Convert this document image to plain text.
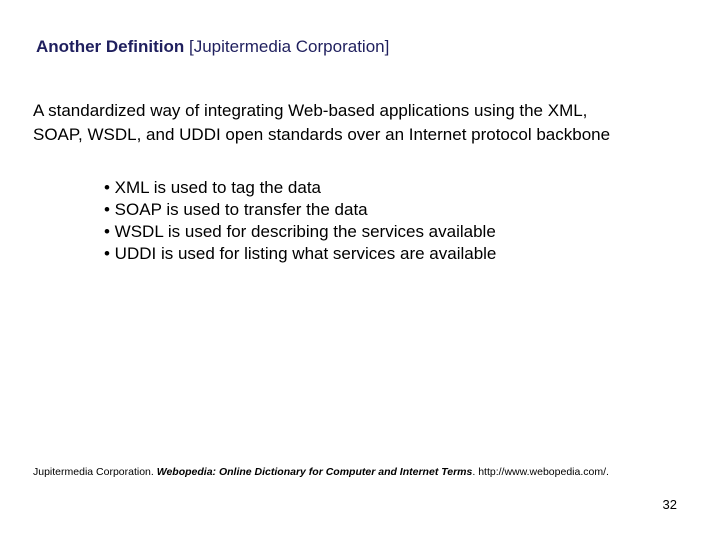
Another Definition [Jupitermedia Corporation]
A standardized way of integrating Web-based applications using the XML,
SOAP, WSDL, and UDDI open standards over an Internet protocol backbone
• XML is used to tag the data
• SOAP is used to transfer the data
• WSDL is used for describing the services available
• UDDI is used for listing what services are available
Jupitermedia Corporation. Webopedia: Online Dictionary for Computer and Internet Terms. http://www.webopedia.com/.
32
